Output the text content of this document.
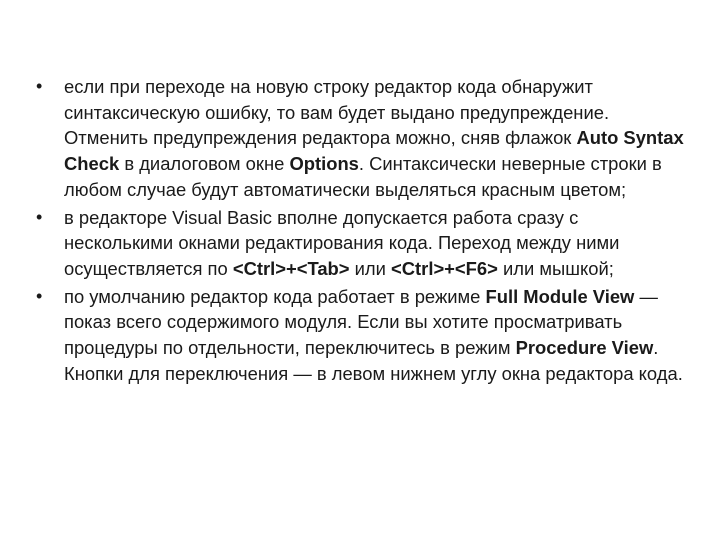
•	если при переходе на новую строку редактор кода обнаружит синтаксическую ошибку, то вам будет выдано предупреждение. Отменить предупреждения редактора можно, сняв флажок Auto Syntax Check в диалоговом окне Options. Синтаксически неверные строки в любом случае будут автоматически выделяться красным цветом;
•	в редакторе Visual Basic вполне допускается работа сразу с несколькими окнами редактирования кода. Переход между ними осуществляется по <Ctrl>+<Tab> или <Ctrl>+<F6> или мышкой;
•	по умолчанию редактор кода работает в режиме Full Module View — показ всего содержимого модуля. Если вы хотите просматривать процедуры по отдельности, переключитесь в режим Procedure View. Кнопки для переключения — в левом нижнем углу окна редактора кода.
